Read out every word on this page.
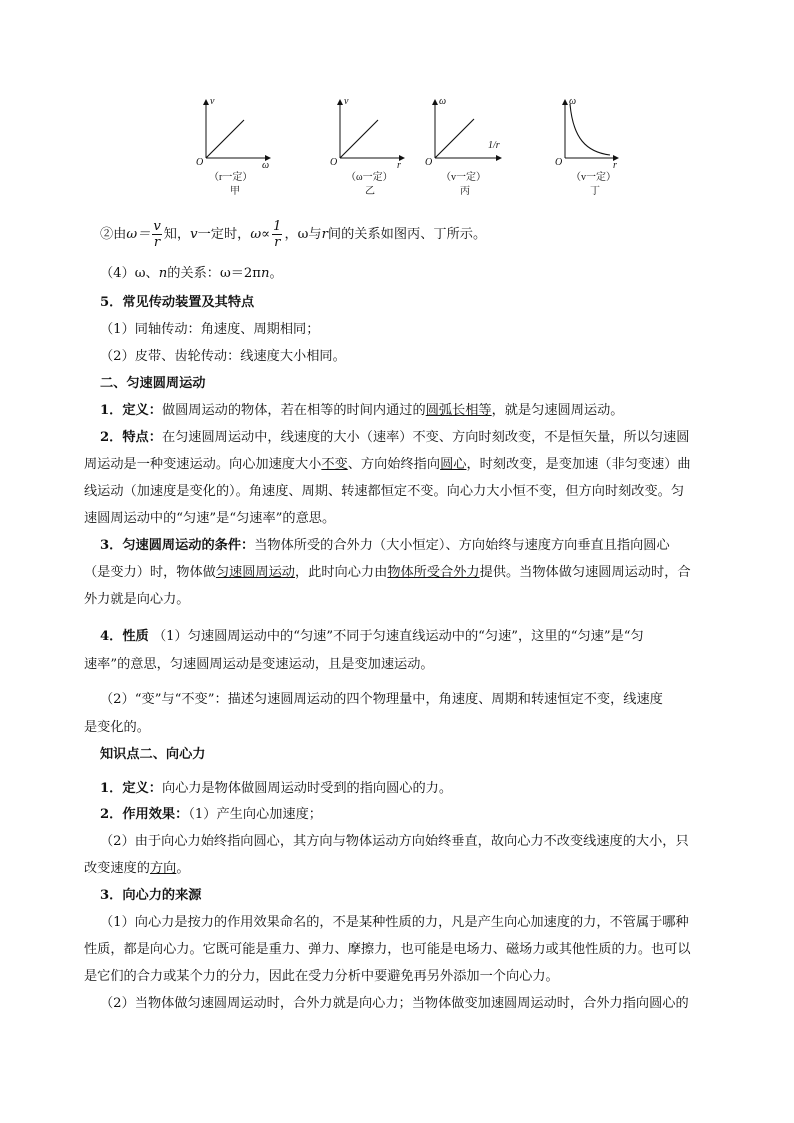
v
ω
O
（r一定）
甲
v
r
O
（ω一定）
乙
ω
1/r
O
（v一定）
丙
ω
r
O
（v一定）
丁
②由$\omega= \frac{v}{r}$ 知，v一定时，$\omega\propto \frac{1}{r}$ ，ω与r间的关系如图丙、丁所示。
（4）ω、n的关系：ω＝2πn。
5．常见传动装置及其特点
（1）同轴传动：角速度、周期相同；
（2）皮带、齿轮传动：线速度大小相同。
二、匀速圆周运动
1．定义：做圆周运动的物体，若在相等的时间内通过的圆弧长相等，就是匀速圆周运动。
2．特点：在匀速圆周运动中，线速度的大小（速率）不变、方向时刻改变，不是恒矢量，所以匀速圆
周运动是一种变速运动。向心加速度大小不变、方向始终指向圆心，时刻改变，是变加速（非匀变速）曲
线运动（加速度是变化的）。角速度、周期、转速都恒定不变。向心力大小恒不变，但方向时刻改变。匀
速圆周运动中的“匀速”是“匀速率”的意思。
3．匀速圆周运动的条件：当物体所受的合外力（大小恒定）、方向始终与速度方向垂直且指向圆心
（是变力）时，物体做匀速圆周运动，此时向心力由物体所受合外力提供。当物体做匀速圆周运动时，合
外力就是向心力。
4．性质 （1）匀速圆周运动中的“匀速”不同于匀速直线运动中的“匀速”，这里的“匀速”是“匀
速率”的意思，匀速圆周运动是变速运动，且是变加速运动。
（2）“变”与“不变”：描述匀速圆周运动的四个物理量中，角速度、周期和转速恒定不变，线速度
是变化的。
知识点二、向心力
1．定义：向心力是物体做圆周运动时受到的指向圆心的力。
2．作用效果：（1）产生向心加速度；
（2）由于向心力始终指向圆心，其方向与物体运动方向始终垂直，故向心力不改变线速度的大小，只
改变速度的方向。
3．向心力的来源
（1）向心力是按力的作用效果命名的，不是某种性质的力，凡是产生向心加速度的力，不管属于哪种
性质，都是向心力。它既可能是重力、弹力、摩擦力，也可能是电场力、磁场力或其他性质的力。也可以
是它们的合力或某个力的分力，因此在受力分析中要避免再另外添加一个向心力。
（2）当物体做匀速圆周运动时，合外力就是向心力；当物体做变加速圆周运动时，合外力指向圆心的
